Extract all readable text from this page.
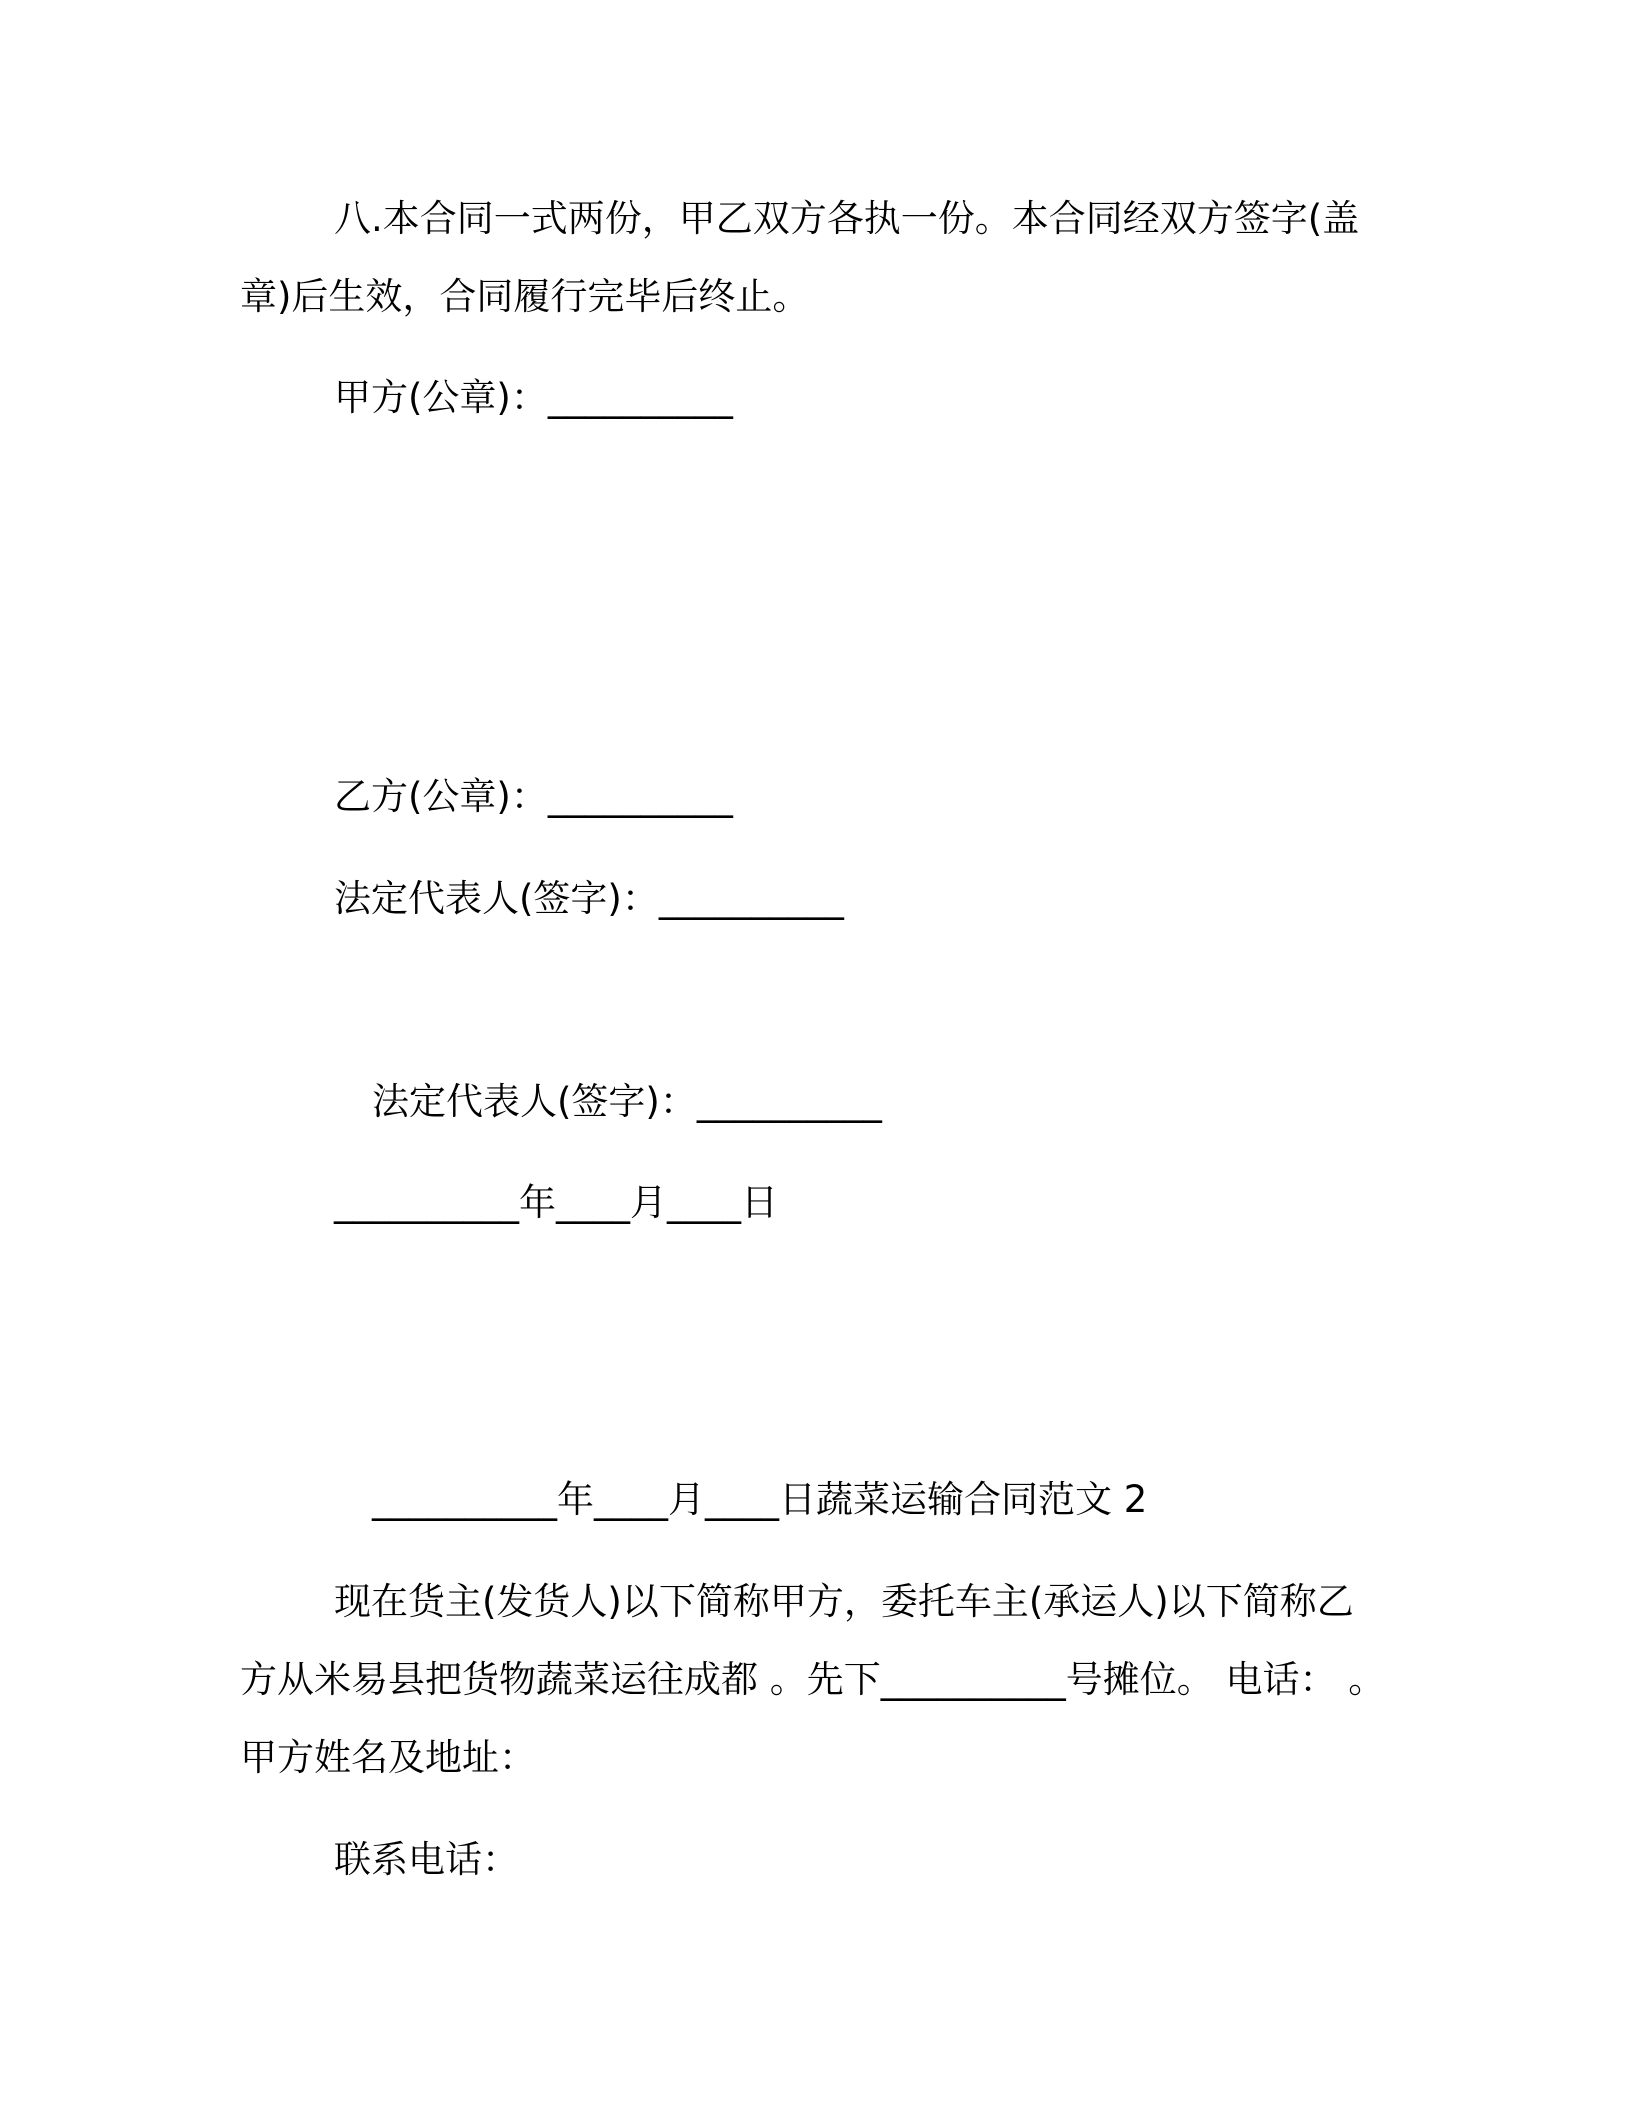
八.本合同一式两份，甲乙双方各执一份。本合同经双方签字(盖
章)后生效，合同履行完毕后终止。
甲方(公章)：__________
乙方(公章)：__________
法定代表人(签字)：__________
法定代表人(签字)：__________
__________年____月____日
__________年____月____日蔬菜运输合同范文 2
现在货主(发货人)以下简称甲方，委托车主(承运人)以下简称乙
方从米易县把货物蔬菜运往成都 。先下__________号摊位。 电话： 。
甲方姓名及地址：
联系电话：
